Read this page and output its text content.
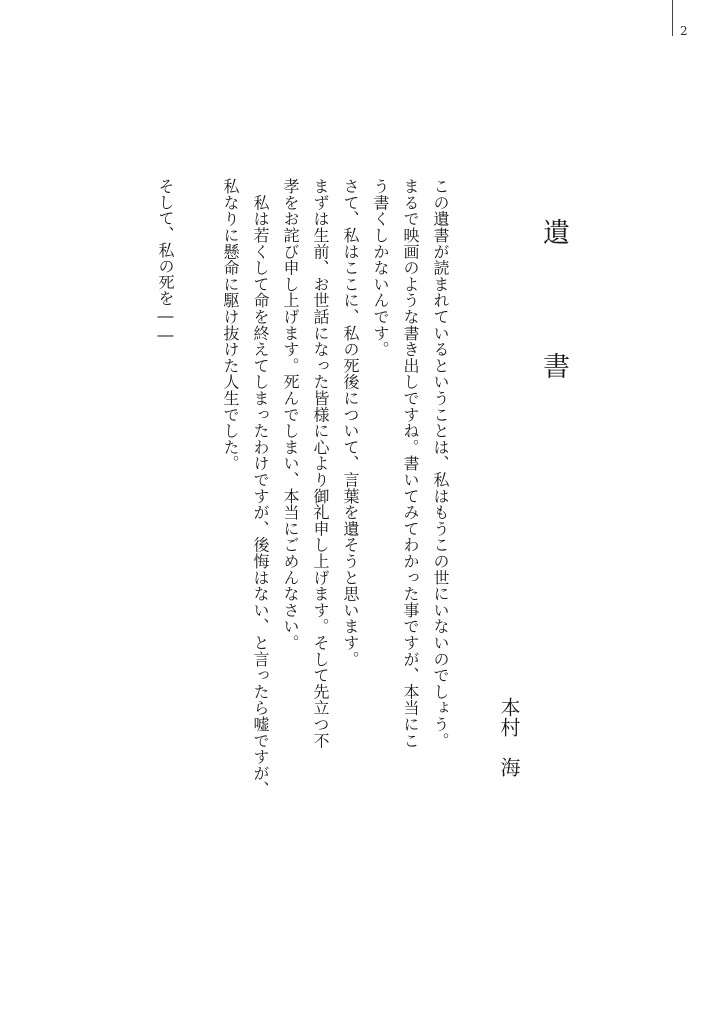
2
遺　書
本村　海
この遺書が読まれているということは、私はもうこの世にいないのでしょう。
まるで映画のような書き出しですね。書いてみてわかった事ですが、本当にこ
う書くしかないんです。
さて、私はここに、私の死後について、言葉を遺そうと思います。
まずは生前、お世話になった皆様に心より御礼申し上げます。そして先立つ不
孝をお詫び申し上げます。死んでしまい、本当にごめんなさい。
　私は若くして命を終えてしまったわけですが、後悔はない、と言ったら嘘ですが、
私なりに懸命に駆け抜けた人生でした。
そして、私の死を――
